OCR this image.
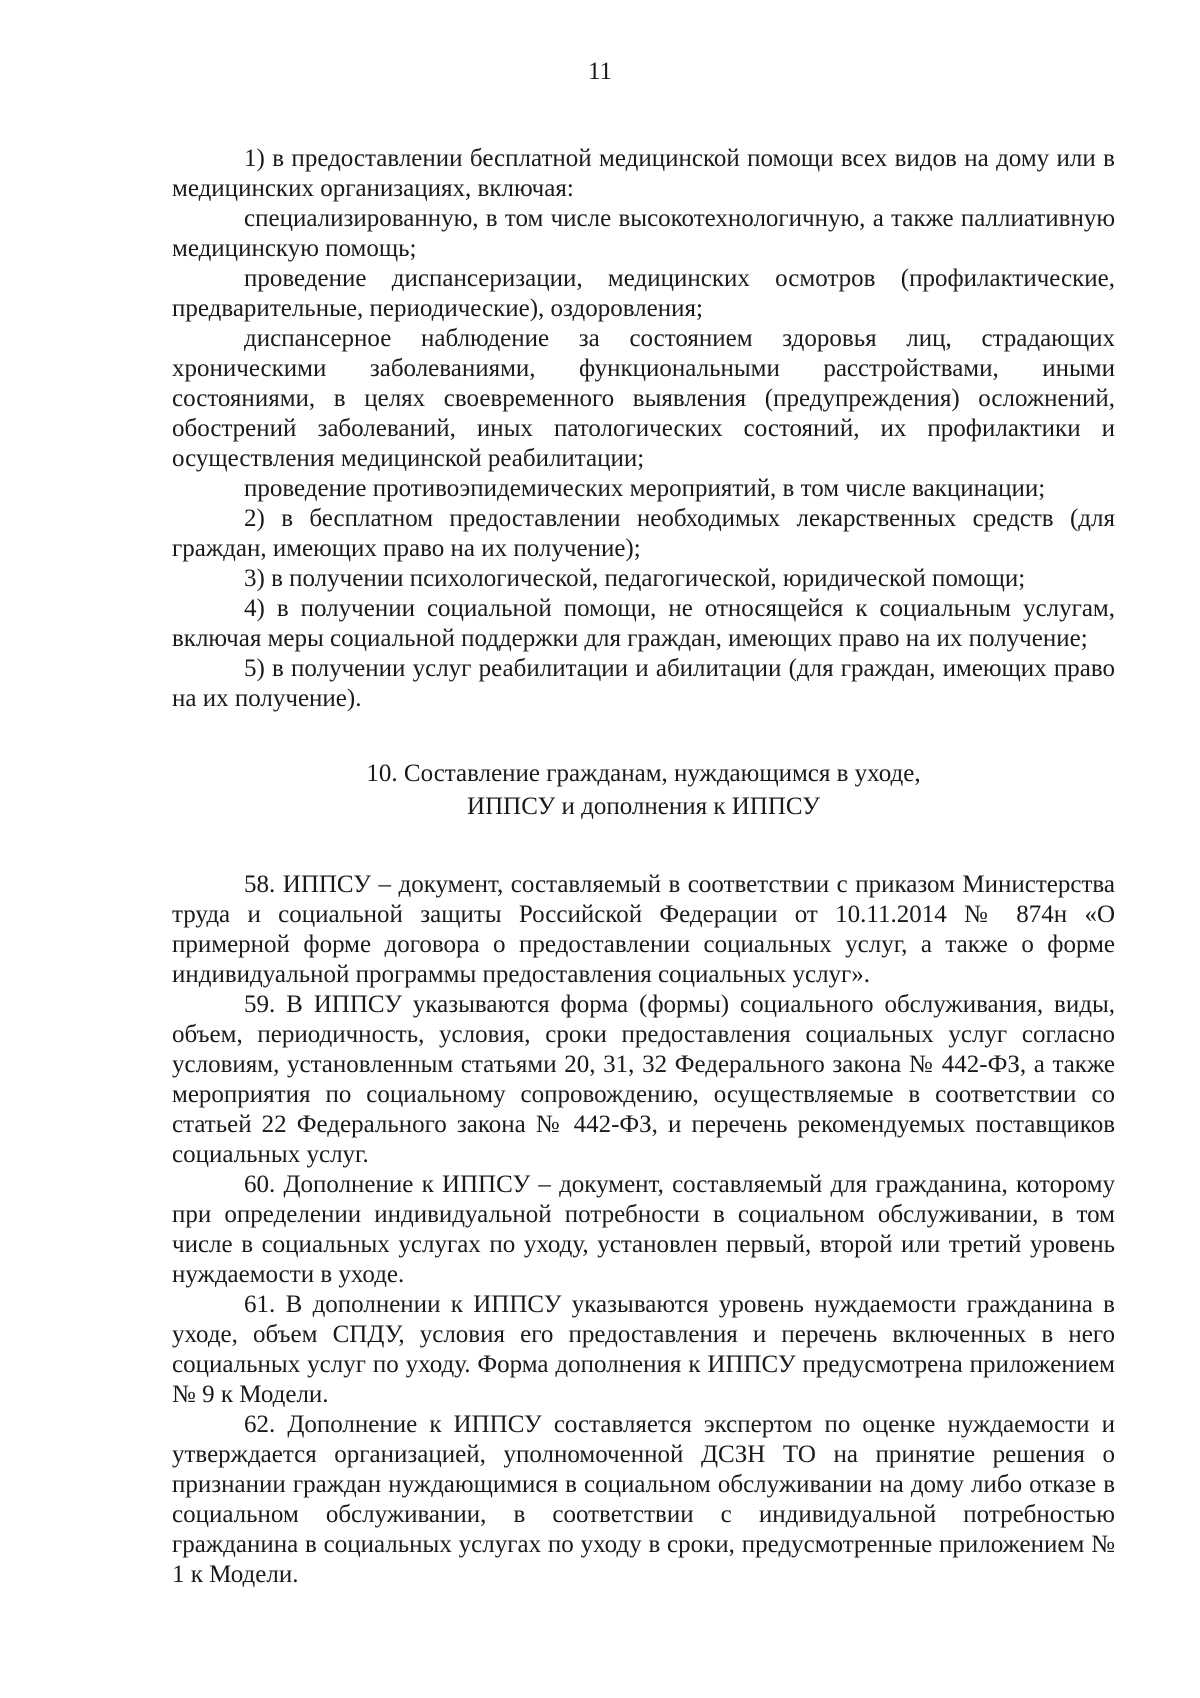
11

1) в предоставлении бесплатной медицинской помощи всех видов на дому или в медицинских организациях, включая:

специализированную, в том числе высокотехнологичную, а также паллиативную медицинскую помощь;

проведение диспансеризации, медицинских осмотров (профилактические, предварительные, периодические), оздоровления;

диспансерное наблюдение за состоянием здоровья лиц, страдающих хроническими заболеваниями, функциональными расстройствами, иными состояниями, в целях своевременного выявления (предупреждения) осложнений, обострений заболеваний, иных патологических состояний, их профилактики и осуществления медицинской реабилитации;

проведение противоэпидемических мероприятий, в том числе вакцинации;

2) в бесплатном предоставлении необходимых лекарственных средств (для граждан, имеющих право на их получение);

3) в получении психологической, педагогической, юридической помощи;

4) в получении социальной помощи, не относящейся к социальным услугам, включая меры социальной поддержки для граждан, имеющих право на их получение;

5) в получении услуг реабилитации и абилитации (для граждан, имеющих право на их получение).

10. Составление гражданам, нуждающимся в уходе,
ИППСУ и дополнения к ИППСУ

58. ИППСУ – документ, составляемый в соответствии с приказом Министерства труда и социальной защиты Российской Федерации от 10.11.2014 № 874н «О примерной форме договора о предоставлении социальных услуг, а также о форме индивидуальной программы предоставления социальных услуг».

59. В ИППСУ указываются форма (формы) социального обслуживания, виды, объем, периодичность, условия, сроки предоставления социальных услуг согласно условиям, установленным статьями 20, 31, 32 Федерального закона № 442-ФЗ, а также мероприятия по социальному сопровождению, осуществляемые в соответствии со статьей 22 Федерального закона № 442-ФЗ, и перечень рекомендуемых поставщиков социальных услуг.

60. Дополнение к ИППСУ – документ, составляемый для гражданина, которому при определении индивидуальной потребности в социальном обслуживании, в том числе в социальных услугах по уходу, установлен первый, второй или третий уровень нуждаемости в уходе.

61. В дополнении к ИППСУ указываются уровень нуждаемости гражданина в уходе, объем СПДУ, условия его предоставления и перечень включенных в него социальных услуг по уходу. Форма дополнения к ИППСУ предусмотрена приложением № 9 к Модели.

62. Дополнение к ИППСУ составляется экспертом по оценке нуждаемости и утверждается организацией, уполномоченной ДСЗН ТО на принятие решения о признании граждан нуждающимися в социальном обслуживании на дому либо отказе в социальном обслуживании, в соответствии с индивидуальной потребностью гражданина в социальных услугах по уходу в сроки, предусмотренные приложением № 1 к Модели.
